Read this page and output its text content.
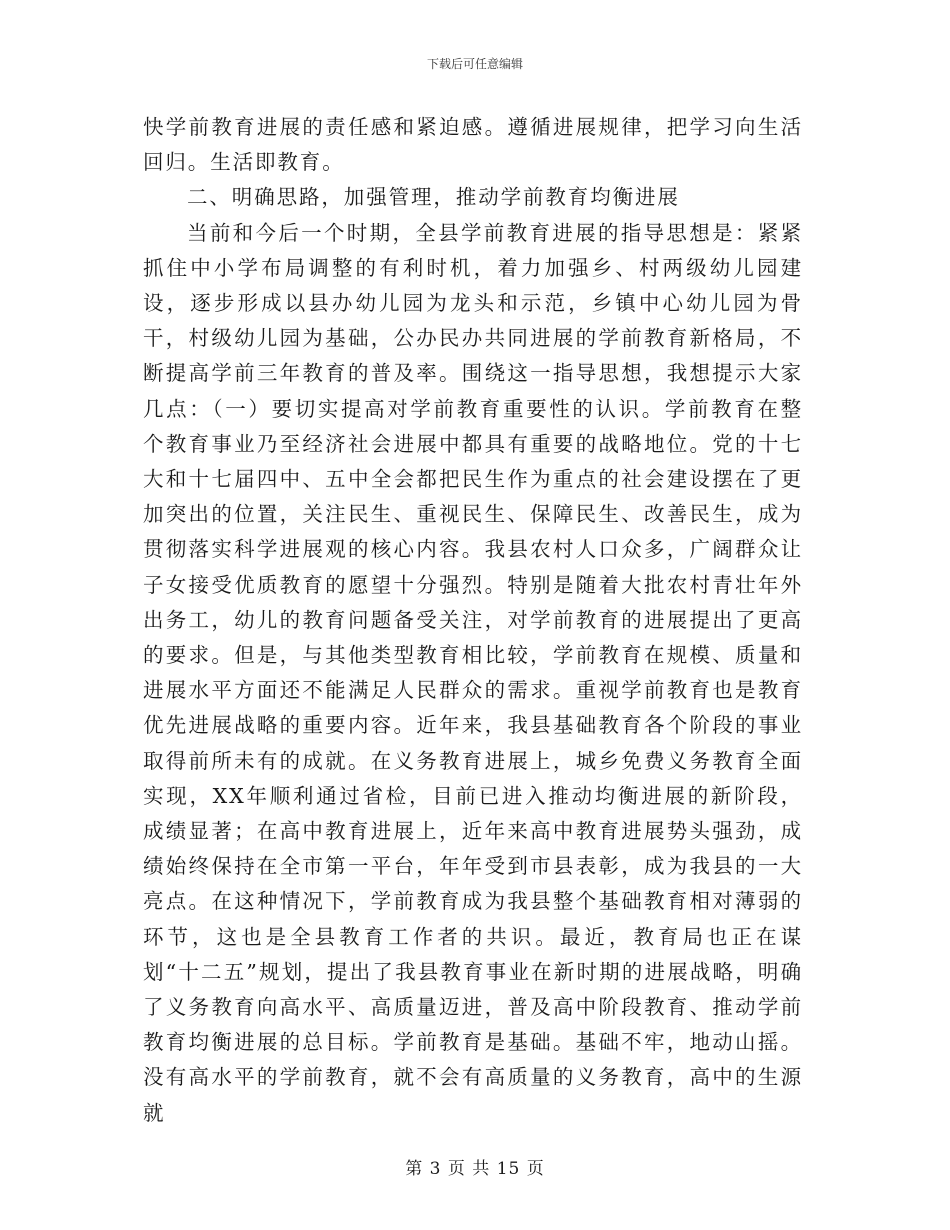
下载后可任意编辑

快学前教育进展的责任感和紧迫感。遵循进展规律，把学习向生活回归。生活即教育。

二、明确思路，加强管理，推动学前教育均衡进展

当前和今后一个时期，全县学前教育进展的指导思想是：紧紧抓住中小学布局调整的有利时机，着力加强乡、村两级幼儿园建设，逐步形成以县办幼儿园为龙头和示范，乡镇中心幼儿园为骨干，村级幼儿园为基础，公办民办共同进展的学前教育新格局，不断提高学前三年教育的普及率。围绕这一指导思想，我想提示大家几点：（一）要切实提高对学前教育重要性的认识。学前教育在整个教育事业乃至经济社会进展中都具有重要的战略地位。党的十七大和十七届四中、五中全会都把民生作为重点的社会建设摆在了更加突出的位置，关注民生、重视民生、保障民生、改善民生，成为贯彻落实科学进展观的核心内容。我县农村人口众多，广阔群众让子女接受优质教育的愿望十分强烈。特别是随着大批农村青壮年外出务工，幼儿的教育问题备受关注，对学前教育的进展提出了更高的要求。但是，与其他类型教育相比较，学前教育在规模、质量和进展水平方面还不能满足人民群众的需求。重视学前教育也是教育优先进展战略的重要内容。近年来，我县基础教育各个阶段的事业取得前所未有的成就。在义务教育进展上，城乡免费义务教育全面实现，XX年顺利通过省检，目前已进入推动均衡进展的新阶段，成绩显著；在高中教育进展上，近年来高中教育进展势头强劲，成绩始终保持在全市第一平台，年年受到市县表彰，成为我县的一大亮点。在这种情况下，学前教育成为我县整个基础教育相对薄弱的环节，这也是全县教育工作者的共识。最近，教育局也正在谋划“十二五”规划，提出了我县教育事业在新时期的进展战略，明确了义务教育向高水平、高质量迈进，普及高中阶段教育、推动学前教育均衡进展的总目标。学前教育是基础。基础不牢，地动山摇。没有高水平的学前教育，就不会有高质量的义务教育，高中的生源就

第 3 页 共 15 页
